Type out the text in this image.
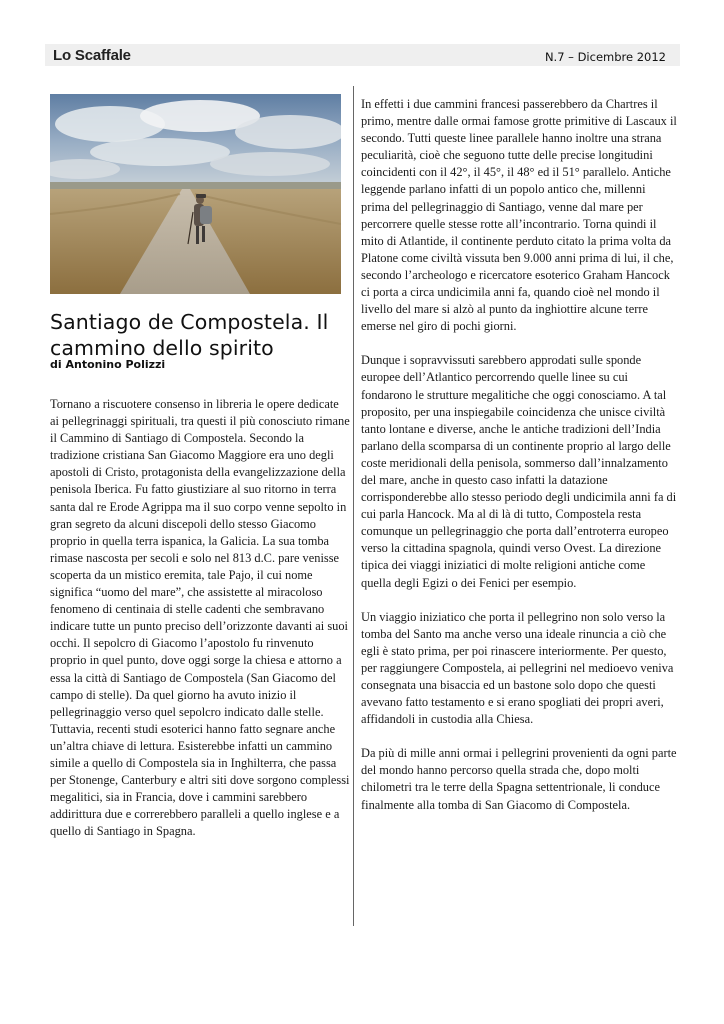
Lo Scaffale	N.7 – Dicembre 2012
Santiago de Compostela. Il cammino dello spirito
di Antonino Polizzi

Tornano a riscuotere consenso in libreria le opere dedicate ai pellegrinaggi spirituali, tra questi il più conosciuto rimane il Cammino di Santiago di Compostela. Secondo la tradizione cristiana San Giacomo Maggiore era uno degli apostoli di Cristo, protagonista della evangelizzazione della penisola Iberica. Fu fatto giustiziare al suo ritorno in terra santa dal re Erode Agrippa ma il suo corpo venne sepolto in gran segreto da alcuni discepoli dello stesso Giacomo proprio in quella terra ispanica, la Galicia. La sua tomba rimase nascosta per secoli e solo nel 813 d.C. pare venisse scoperta da un mistico eremita, tale Pajo, il cui nome significa “uomo del mare”, che assistette al miracoloso fenomeno di centinaia di stelle cadenti che sembravano indicare tutte un punto preciso dell’orizzonte davanti ai suoi occhi. Il sepolcro di Giacomo l’apostolo fu rinvenuto proprio in quel punto, dove oggi sorge la chiesa e attorno a essa la città di Santiago de Compostela (San Giacomo del campo di stelle). Da quel giorno ha avuto inizio il pellegrinaggio verso quel sepolcro indicato dalle stelle. Tuttavia, recenti studi esoterici hanno fatto segnare anche un’altra chiave di lettura. Esisterebbe infatti un cammino simile a quello di Compostela sia in Inghilterra, che passa per Stonenge, Canterbury e altri siti dove sorgono complessi megalitici, sia in Francia, dove i cammini sarebbero addirittura due e correrebbero paralleli a quello inglese e a quello di Santiago in Spagna.

In effetti i due cammini francesi passerebbero da Chartres il primo, mentre dalle ormai famose grotte primitive di Lascaux il secondo. Tutti queste linee parallele hanno inoltre una strana peculiarità, cioè che seguono tutte delle precise longitudini coincidenti con il 42°, il 45°, il 48° ed il 51° parallelo. Antiche leggende parlano infatti di un popolo antico che, millenni prima del pellegrinaggio di Santiago, venne dal mare per percorrere quelle stesse rotte all’incontrario. Torna quindi il mito di Atlantide, il continente perduto citato la prima volta da Platone come civiltà vissuta ben 9.000 anni prima di lui, il che, secondo l’archeologo e ricercatore esoterico Graham Hancock ci porta a circa undicimila anni fa, quando cioè nel mondo il livello del mare si alzò al punto da inghiottire alcune terre emerse nel giro di pochi giorni.

Dunque i sopravvissuti sarebbero approdati sulle sponde europee dell’Atlantico percorrendo quelle linee su cui fondarono le strutture megalitiche che oggi conosciamo. A tal proposito, per una inspiegabile coincidenza che unisce civiltà tanto lontane e diverse, anche le antiche tradizioni dell’India parlano della scomparsa di un continente proprio al largo delle coste meridionali della penisola, sommerso dall’innalzamento del mare, anche in questo caso infatti la datazione corrisponderebbe allo stesso periodo degli undicimila anni fa di cui parla Hancock. Ma al di là di tutto, Compostela resta comunque un pellegrinaggio che porta dall’entroterra europeo verso la cittadina spagnola, quindi verso Ovest. La direzione tipica dei viaggi iniziatici di molte religioni antiche come quella degli Egizi o dei Fenici per esempio.

Un viaggio iniziatico che porta il pellegrino non solo verso la tomba del Santo ma anche verso una ideale rinuncia a ciò che egli è stato prima, per poi rinascere interiormente. Per questo, per raggiungere Compostela, ai pellegrini nel medioevo veniva consegnata una bisaccia ed un bastone solo dopo che questi avevano fatto testamento e si erano spogliati dei propri averi, affidandoli in custodia alla Chiesa.

Da più di mille anni ormai i pellegrini provenienti da ogni parte del mondo hanno percorso quella strada che, dopo molti chilometri tra le terre della Spagna settentrionale, li conduce finalmente alla tomba di San Giacomo di Compostela.
